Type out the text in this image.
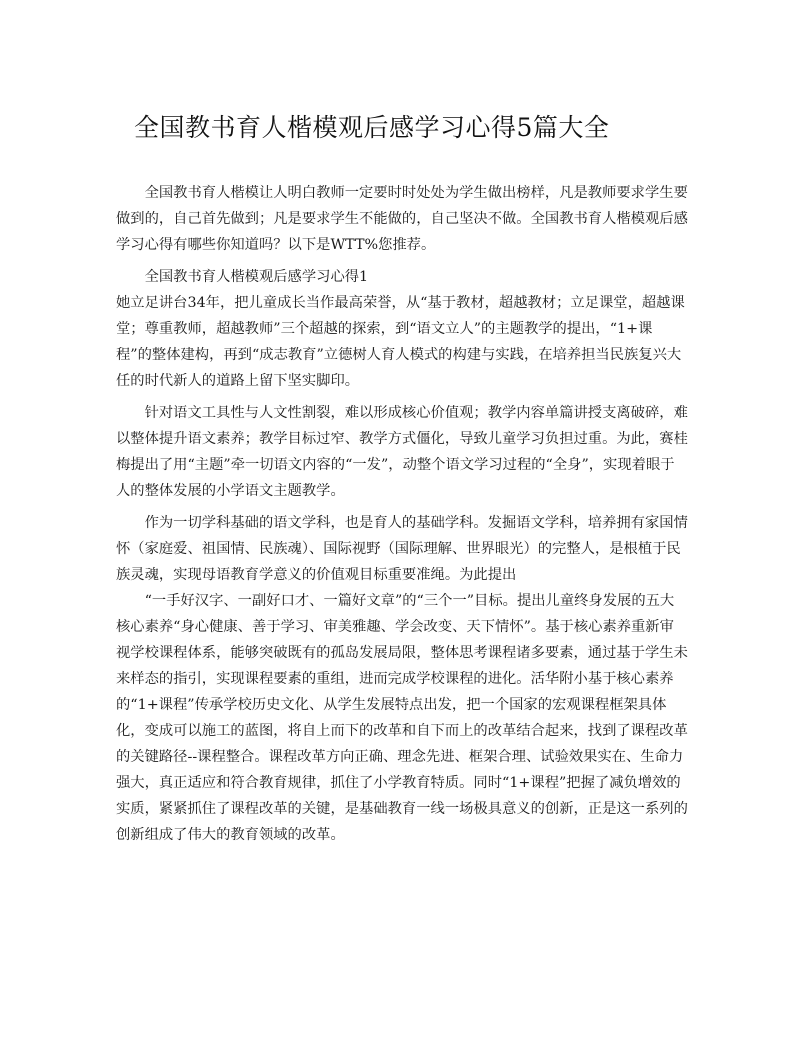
全国教书育人楷模观后感学习心得5篇大全

全国教书育人楷模让人明白教师一定要时时处处为学生做出榜样，凡是教师要求学生要做到的，自己首先做到；凡是要求学生不能做的，自己坚决不做。全国教书育人楷模观后感学习心得有哪些你知道吗？以下是WTT%您推荐。

全国教书育人楷模观后感学习心得1

她立足讲台34年，把儿童成长当作最高荣誉，从“基于教材，超越教材；立足课堂，超越课堂；尊重教师，超越教师”三个超越的探索，到“语文立人”的主题教学的提出，“1+课程”的整体建构，再到“成志教育”立德树人育人模式的构建与实践，在培养担当民族复兴大任的时代新人的道路上留下坚实脚印。

针对语文工具性与人文性割裂，难以形成核心价值观；教学内容单篇讲授支离破碎，难以整体提升语文素养；教学目标过窄、教学方式僵化，导致儿童学习负担过重。为此，赛桂梅提出了用“主题”牵一切语文内容的“一发”，动整个语文学习过程的“全身”，实现着眼于人的整体发展的小学语文主题教学。

作为一切学科基础的语文学科，也是育人的基础学科。发掘语文学科，培养拥有家国情怀（家庭爱、祖国情、民族魂）、国际视野（国际理解、世界眼光）的完整人，是根植于民族灵魂，实现母语教育学意义的价值观目标重要准绳。为此提出

“一手好汉字、一副好口才、一篇好文章”的“三个一”目标。提出儿童终身发展的五大核心素养“身心健康、善于学习、审美雅趣、学会改变、天下情怀”。基于核心素养重新审视学校课程体系，能够突破既有的孤岛发展局限，整体思考课程诸多要素，通过基于学生未来样态的指引，实现课程要素的重组，进而完成学校课程的进化。活华附小基于核心素养的“1+课程”传承学校历史文化、从学生发展特点出发，把一个国家的宏观课程框架具体化，变成可以施工的蓝图，将自上而下的改革和自下而上的改革结合起来，找到了课程改革的关键路径--课程整合。课程改革方向正确、理念先进、框架合理、试验效果实在、生命力强大，真正适应和符合教育规律，抓住了小学教育特质。同时“1+课程”把握了减负增效的实质，紧紧抓住了课程改革的关键，是基础教育一线一场极具意义的创新，正是这一系列的创新组成了伟大的教育领域的改革。
